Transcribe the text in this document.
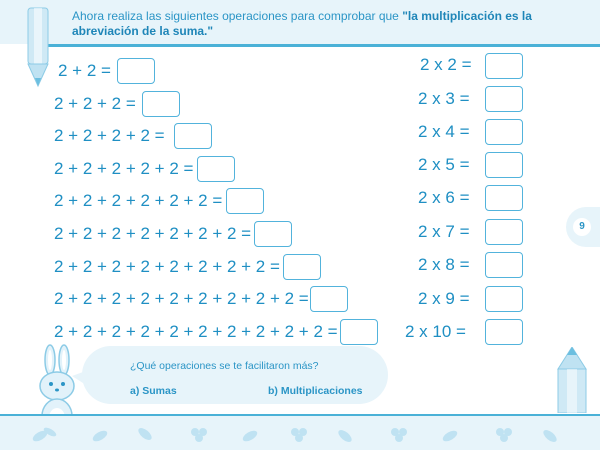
Ahora realiza las siguientes operaciones para comprobar que "la multiplicación es la abreviación de la suma."
2 + 2 =
2 + 2 + 2 =
2 + 2 + 2 + 2 =
2 + 2 + 2 + 2 + 2 =
2 + 2 + 2 + 2 + 2 + 2 =
2 + 2 + 2 + 2 + 2 + 2 + 2 =
2 + 2 + 2 + 2 + 2 + 2 + 2 + 2 =
2 + 2 + 2 + 2 + 2 + 2 + 2 + 2 + 2 =
2 + 2 + 2 + 2 + 2 + 2 + 2 + 2 + 2 + 2 =
2 x 2 =
2 x 3 =
2 x 4 =
2 x 5 =
2 x 6 =
2 x 7 =
2 x 8 =
2 x 9 =
2 x 10 =
9
¿Qué operaciones se te facilitaron más?
a) Sumas	b) Multiplicaciones
